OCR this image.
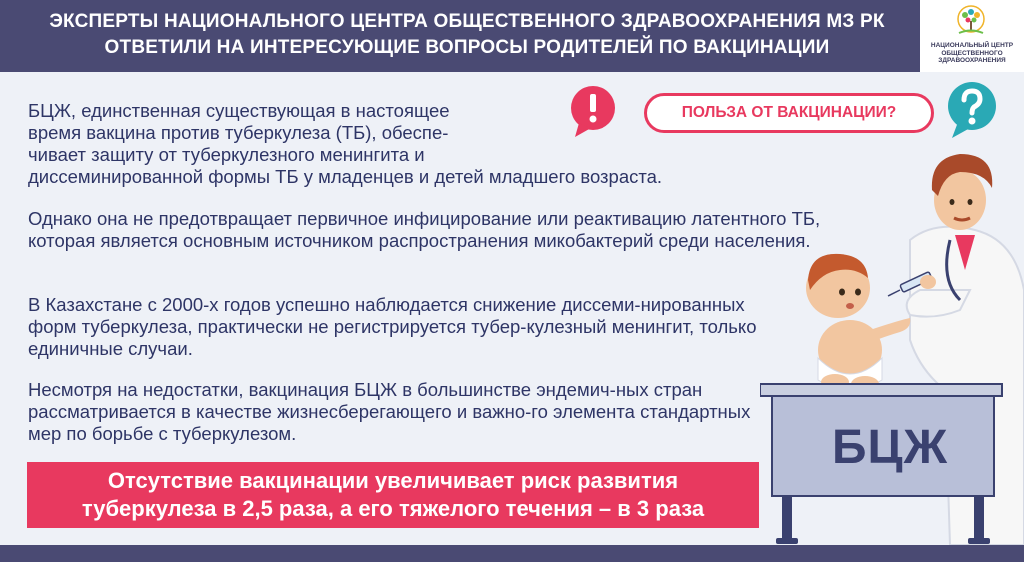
ЭКСПЕРТЫ НАЦИОНАЛЬНОГО ЦЕНТРА ОБЩЕСТВЕННОГО ЗДРАВООХРАНЕНИЯ МЗ РК
ОТВЕТИЛИ НА ИНТЕРЕСУЮЩИЕ ВОПРОСЫ РОДИТЕЛЕЙ ПО ВАКЦИНАЦИИ	НАЦИОНАЛЬНЫЙ ЦЕНТР
ОБЩЕСТВЕННОГО
ЗДРАВООХРАНЕНИЯ
ПОЛЬЗА ОТ ВАКЦИНАЦИИ?
БЦЖ, единственная существующая в настоящее
время вакцина против туберкулеза (ТБ), обеспе-
чивает защиту от туберкулезного менингита и
диссеминированной формы ТБ у младенцев и детей младшего возраста.
Однако она не предотвращает первичное инфицирование или реактивацию латентного ТБ, которая является основным источником распространения микобактерий среди населения.
В Казахстане с 2000-х годов успешно наблюдается снижение диссеми-нированных форм туберкулеза, практически не регистрируется тубер-кулезный менингит, только единичные случаи.
Несмотря на недостатки, вакцинация БЦЖ в большинстве эндемич-ных стран рассматривается в качестве жизнесберегающего и важно-го элемента стандартных мер по борьбе с туберкулезом.
Отсутствие вакцинации увеличивает риск развития
туберкулеза в 2,5 раза, а его тяжелого течения – в 3 раза
БЦЖ
